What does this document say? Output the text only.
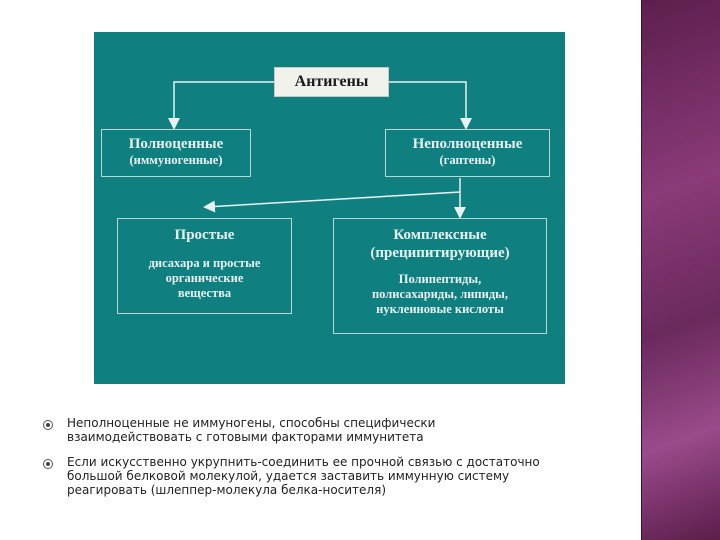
Антигены
Полноценные
(иммуногенные)
Неполноценные
(гаптены)
Простые
дисахара и простые
органические
вещества
Комплексные
(преципитирующие)
Полипептиды,
полисахариды, липиды,
нуклеиновые кислоты
Неполноценные не иммуногены, способны специфически
взаимодействовать с готовыми факторами иммунитета
Если искусственно укрупнить-соединить ее прочной связью с достаточно
большой белковой молекулой, удается заставить иммунную систему
реагировать (шлеппер-молекула белка-носителя)
